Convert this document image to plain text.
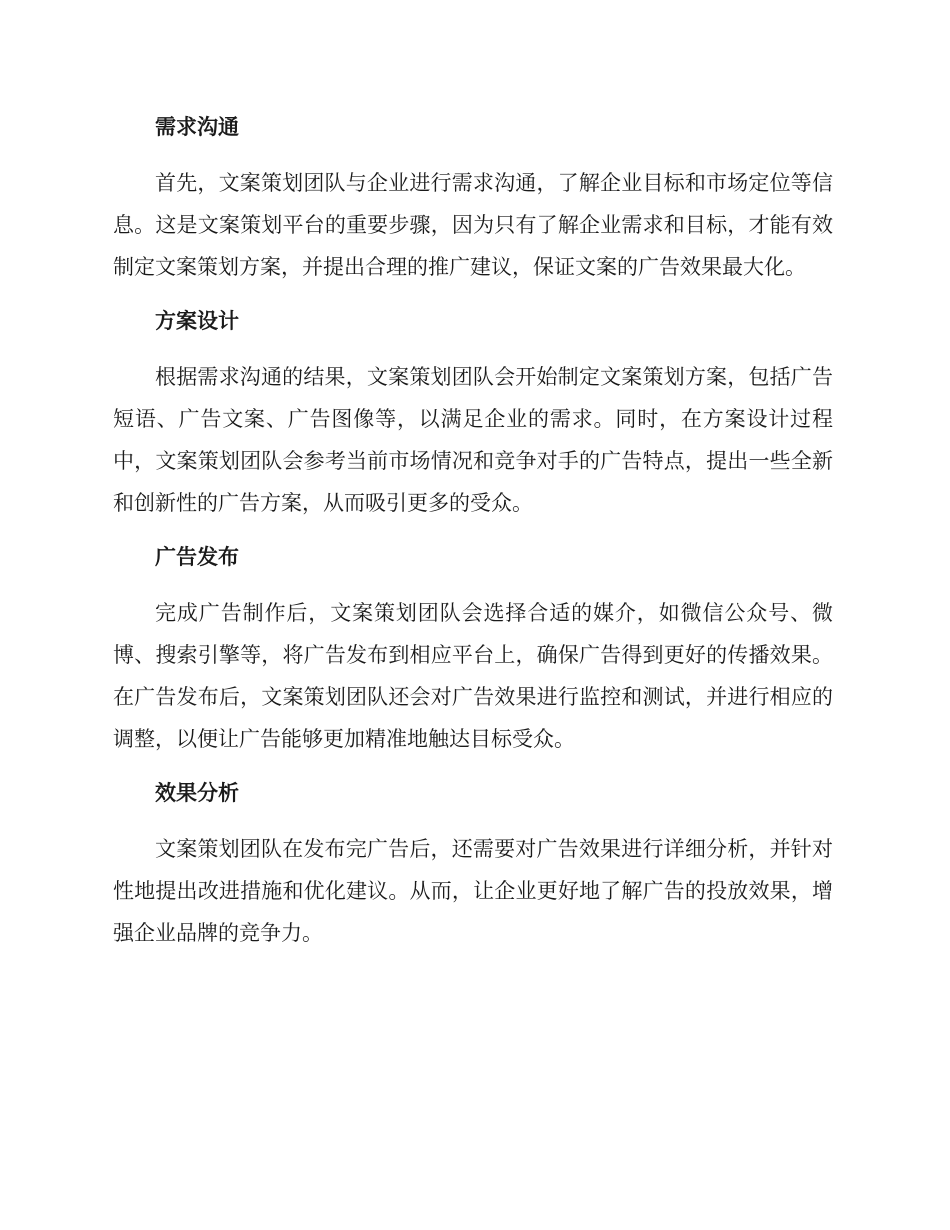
需求沟通

首先，文案策划团队与企业进行需求沟通，了解企业目标和市场定位等信息。这是文案策划平台的重要步骤，因为只有了解企业需求和目标，才能有效制定文案策划方案，并提出合理的推广建议，保证文案的广告效果最大化。

方案设计

根据需求沟通的结果，文案策划团队会开始制定文案策划方案，包括广告短语、广告文案、广告图像等，以满足企业的需求。同时，在方案设计过程中，文案策划团队会参考当前市场情况和竞争对手的广告特点，提出一些全新和创新性的广告方案，从而吸引更多的受众。

广告发布

完成广告制作后，文案策划团队会选择合适的媒介，如微信公众号、微博、搜索引擎等，将广告发布到相应平台上，确保广告得到更好的传播效果。在广告发布后，文案策划团队还会对广告效果进行监控和测试，并进行相应的调整，以便让广告能够更加精准地触达目标受众。

效果分析

文案策划团队在发布完广告后，还需要对广告效果进行详细分析，并针对性地提出改进措施和优化建议。从而，让企业更好地了解广告的投放效果，增强企业品牌的竞争力。
